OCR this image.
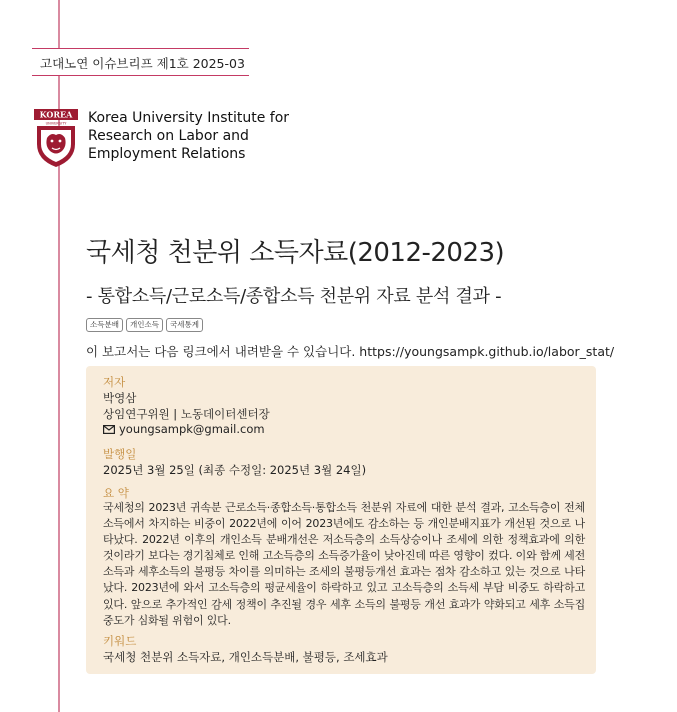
고대노연 이슈브리프 제1호 2025-03
KOREA
UNIVERSITY Korea University Institute for
Research on Labor and
Employment Relations
국세청 천분위 소득자료(2012-2023)
- 통합소득/근로소득/종합소득 천분위 자료 분석 결과 -
소득분배	개인소득	국세통계
이 보고서는 다음 링크에서 내려받을 수 있습니다. https://youngsampk.github.io/labor_stat/
저자
박영삼
상임연구위원 | 노동데이터센터장
youngsampk@gmail.com
발행일
2025년 3월 25일 (최종 수정일: 2025년 3월 24일)
요 약
국세청의 2023년 귀속분 근로소득·종합소득·통합소득 천분위 자료에 대한 분석 결과, 고소득층이 전체 소득에서 차지하는 비중이 2022년에 이어 2023년에도 감소하는 등 개인분배지표가 개선된 것으로 나타났다. 2022년 이후의 개인소득 분배개선은 저소득층의 소득상승이나 조세에 의한 정책효과에 의한 것이라기 보다는 경기침체로 인해 고소득층의 소득증가율이 낮아진데 따른 영향이 컸다. 이와 함께 세전소득과 세후소득의 불평등 차이를 의미하는 조세의 불평등개선 효과는 점차 감소하고 있는 것으로 나타났다. 2023년에 와서 고소득층의 평균세율이 하락하고 있고 고소득층의 소득세 부담 비중도 하락하고 있다. 앞으로 추가적인 감세 정책이 추진될 경우 세후 소득의 불평등 개선 효과가 약화되고 세후 소득집중도가 심화될 위험이 있다.
키워드
국세청 천분위 소득자료, 개인소득분배, 불평등, 조세효과
